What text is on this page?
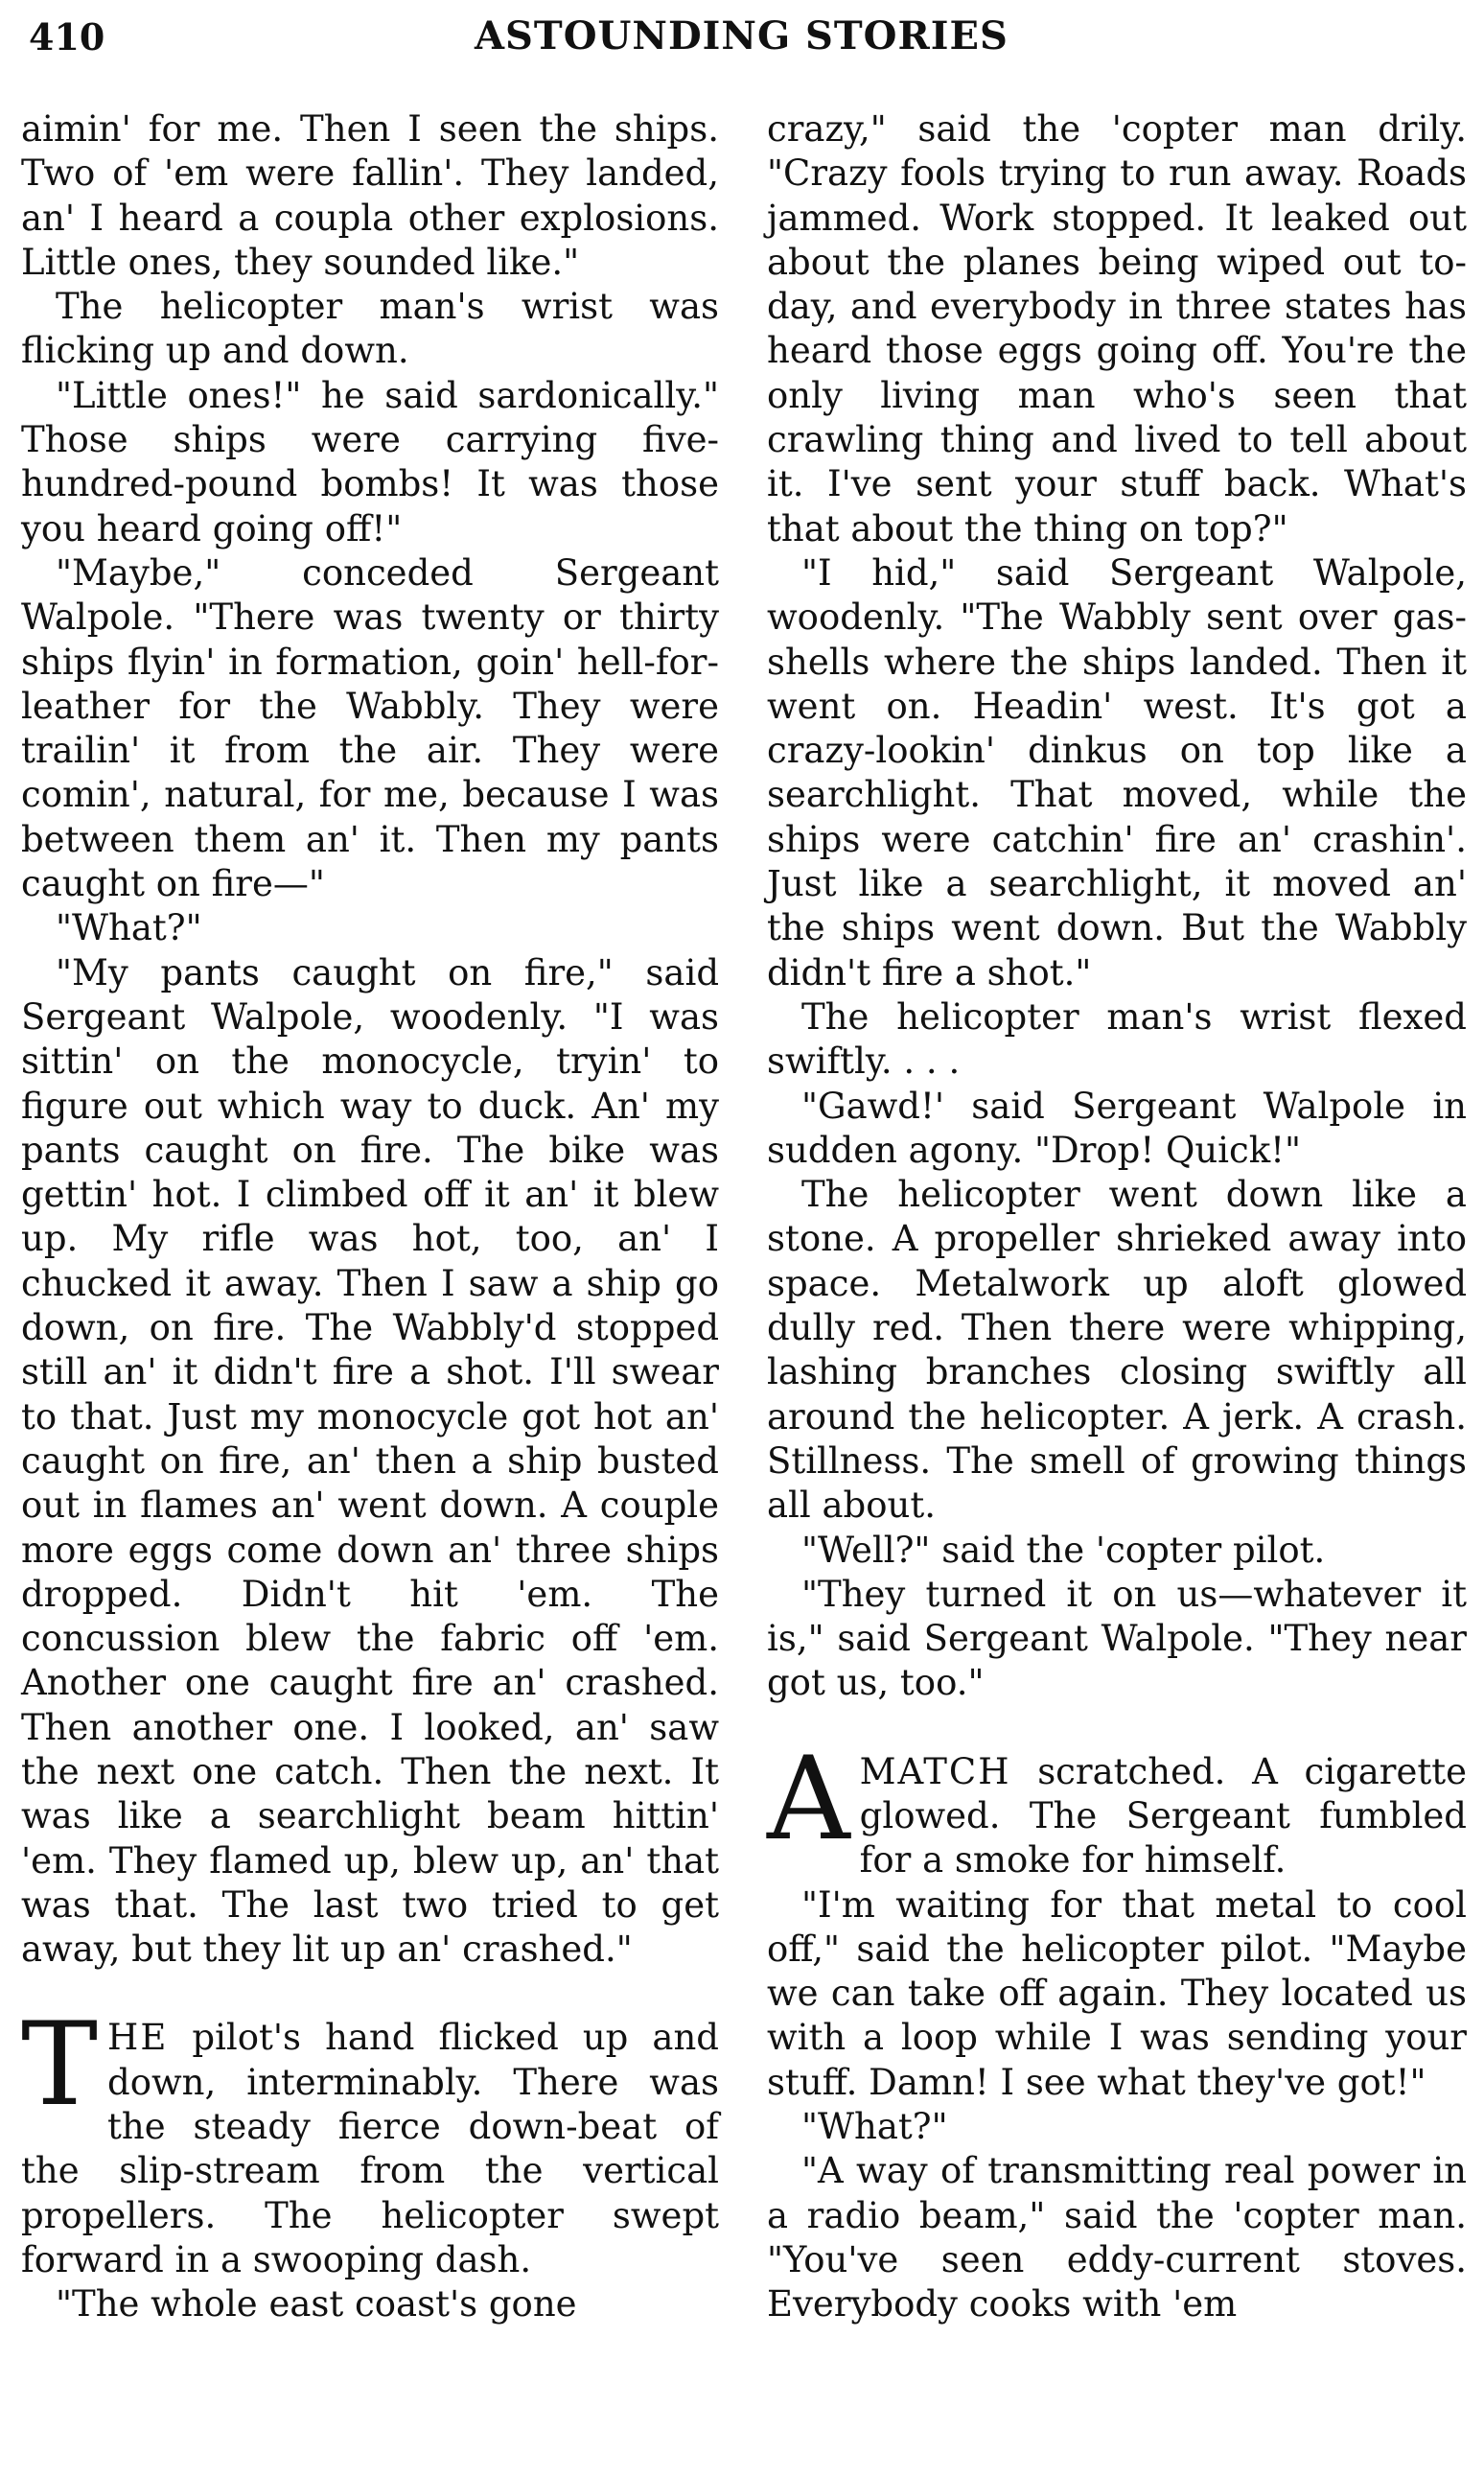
410	ASTOUNDING STORIES

aimin' for me. Then I seen the ships. Two of 'em were fallin'. They landed, an' I heard a coupla other explosions. Little ones, they sounded like."

The helicopter man's wrist was flicking up and down.

"Little ones!" he said sardonically." Those ships were carrying five-hundred-pound bombs! It was those you heard going off!"

"Maybe," conceded Sergeant Walpole. "There was twenty or thirty ships flyin' in formation, goin' hell-for-leather for the Wabbly. They were trailin' it from the air. They were comin', natural, for me, because I was between them an' it. Then my pants caught on fire—"

"What?"

"My pants caught on fire," said Sergeant Walpole, woodenly. "I was sittin' on the monocycle, tryin' to figure out which way to duck. An' my pants caught on fire. The bike was gettin' hot. I climbed off it an' it blew up. My rifle was hot, too, an' I chucked it away. Then I saw a ship go down, on fire. The Wabbly'd stopped still an' it didn't fire a shot. I'll swear to that. Just my monocycle got hot an' caught on fire, an' then a ship busted out in flames an' went down. A couple more eggs come down an' three ships dropped. Didn't hit 'em. The concussion blew the fabric off 'em. Another one caught fire an' crashed. Then another one. I looked, an' saw the next one catch. Then the next. It was like a searchlight beam hittin' 'em. They flamed up, blew up, an' that was that. The last two tried to get away, but they lit up an' crashed."

THE pilot's hand flicked up and down, interminably. There was the steady fierce down-beat of the slip-stream from the vertical propellers. The helicopter swept forward in a swooping dash.

"The whole east coast's gone

crazy," said the 'copter man drily. "Crazy fools trying to run away. Roads jammed. Work stopped. It leaked out about the planes being wiped out to-day, and everybody in three states has heard those eggs going off. You're the only living man who's seen that crawling thing and lived to tell about it. I've sent your stuff back. What's that about the thing on top?"

"I hid," said Sergeant Walpole, woodenly. "The Wabbly sent over gas-shells where the ships landed. Then it went on. Headin' west. It's got a crazy-lookin' dinkus on top like a searchlight. That moved, while the ships were catchin' fire an' crashin'. Just like a searchlight, it moved an' the ships went down. But the Wabbly didn't fire a shot."

The helicopter man's wrist flexed swiftly. . . .

"Gawd!' said Sergeant Walpole in sudden agony. "Drop! Quick!"

The helicopter went down like a stone. A propeller shrieked away into space. Metalwork up aloft glowed dully red. Then there were whipping, lashing branches closing swiftly all around the helicopter. A jerk. A crash. Stillness. The smell of growing things all about.

"Well?" said the 'copter pilot.

"They turned it on us—whatever it is," said Sergeant Walpole. "They near got us, too."

AMATCH scratched. A cigarette glowed. The Sergeant fumbled for a smoke for himself.

"I'm waiting for that metal to cool off," said the helicopter pilot. "Maybe we can take off again. They located us with a loop while I was sending your stuff. Damn! I see what they've got!"

"What?"

"A way of transmitting real power in a radio beam," said the 'copter man. "You've seen eddy-current stoves. Everybody cooks with 'em
